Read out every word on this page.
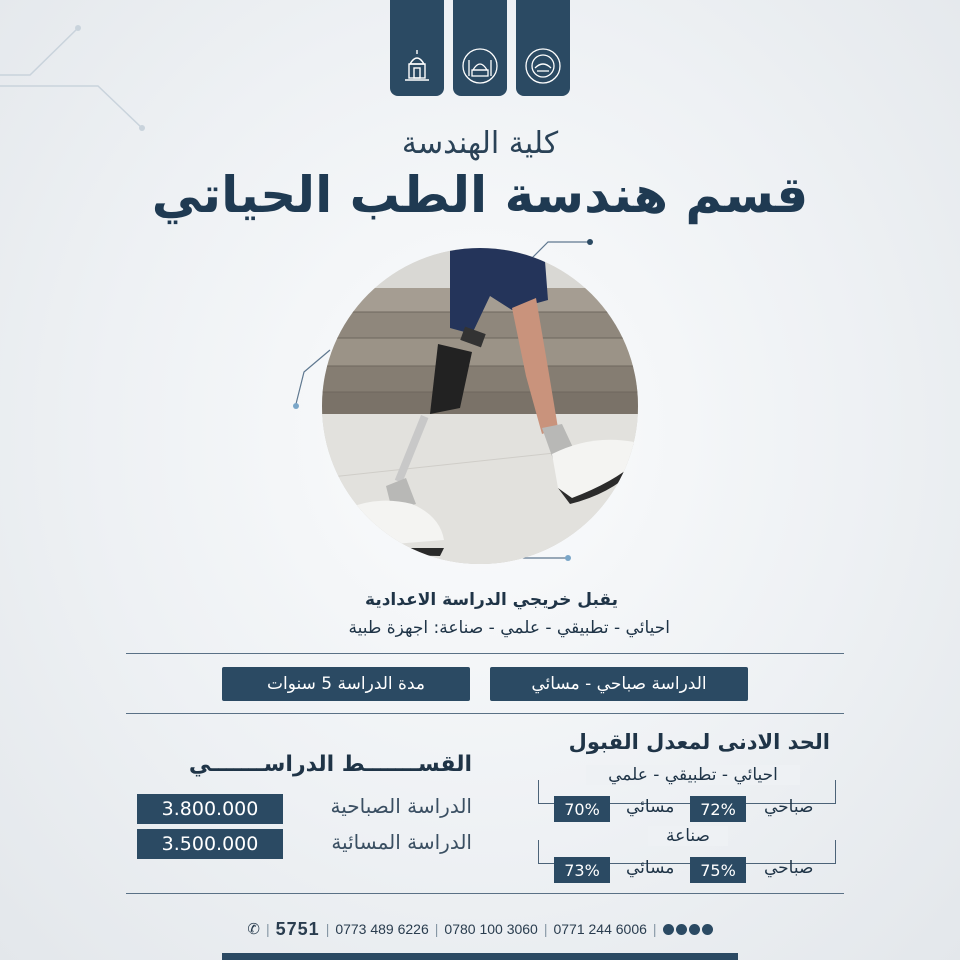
كلية الهندسة
قسم هندسة الطب الحياتي
يقبل خريجي الدراسة الاعدادية
احيائي - تطبيقي - علمي - صناعة: اجهزة طبية
الدراسة صباحي - مسائي
مدة الدراسة 5 سنوات
الحد الادنى لمعدل القبول
احيائي - تطبيقي - علمي
صباحي
72%
مسائي
70%
صناعة
صباحي
75%
مسائي
73%
القســـــــط الدراســـــــي
الدراسة الصباحية
3.800.000
الدراسة المسائية
3.500.000
✆ | 5751 | 0773 489 6226 | 0780 100 3060 | 0771 244 6006 |
